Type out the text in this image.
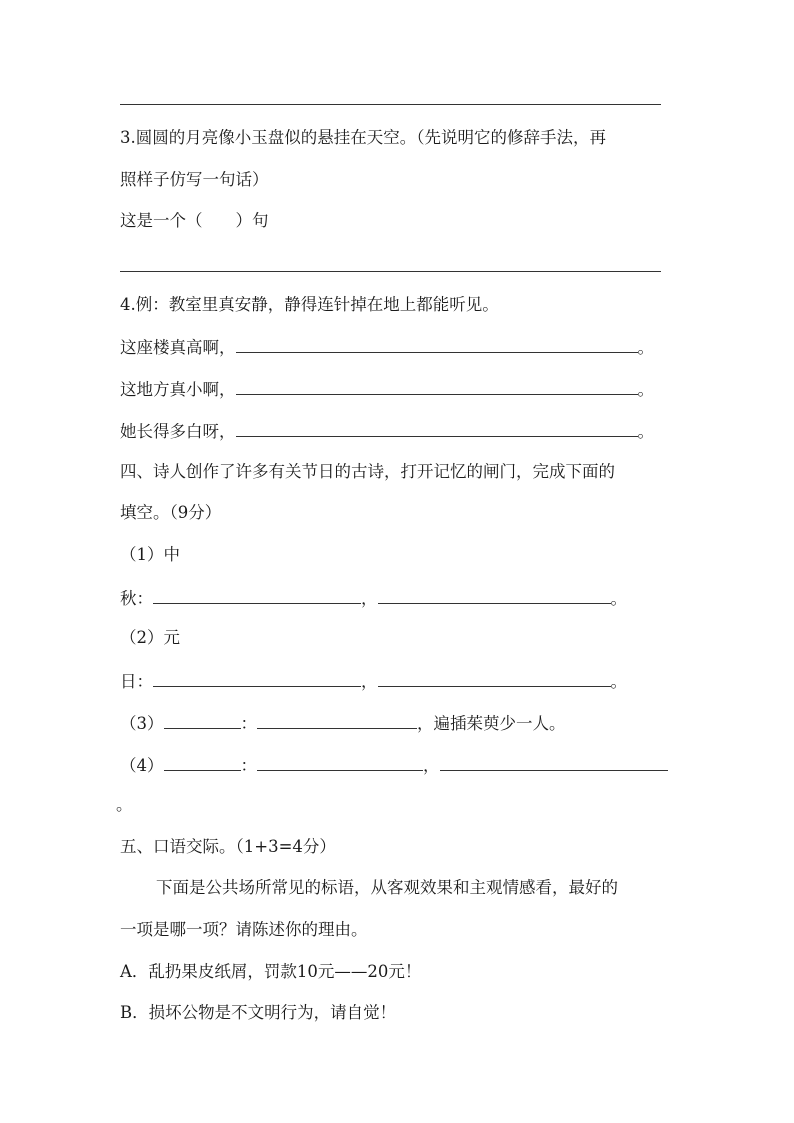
3.圆圆的月亮像小玉盘似的悬挂在天空。（先说明它的修辞手法，再
照样子仿写一句话）
这是一个（　　）句
4.例：教室里真安静，静得连针掉在地上都能听见。
这座楼真高啊，	。
这地方真小啊，	。
她长得多白呀，	。
四、诗人创作了许多有关节日的古诗，打开记忆的闸门，完成下面的
填空。（9分）
（1）中
秋：	，	。
（2）元
日：	，	。
（3）	：	，遍插茱萸少一人。
（4）	：	，
。
五、口语交际。（1+3=4分）
下面是公共场所常见的标语，从客观效果和主观情感看，最好的
一项是哪一项？请陈述你的理由。
A．乱扔果皮纸屑，罚款10元——20元！
B．损坏公物是不文明行为，请自觉！
